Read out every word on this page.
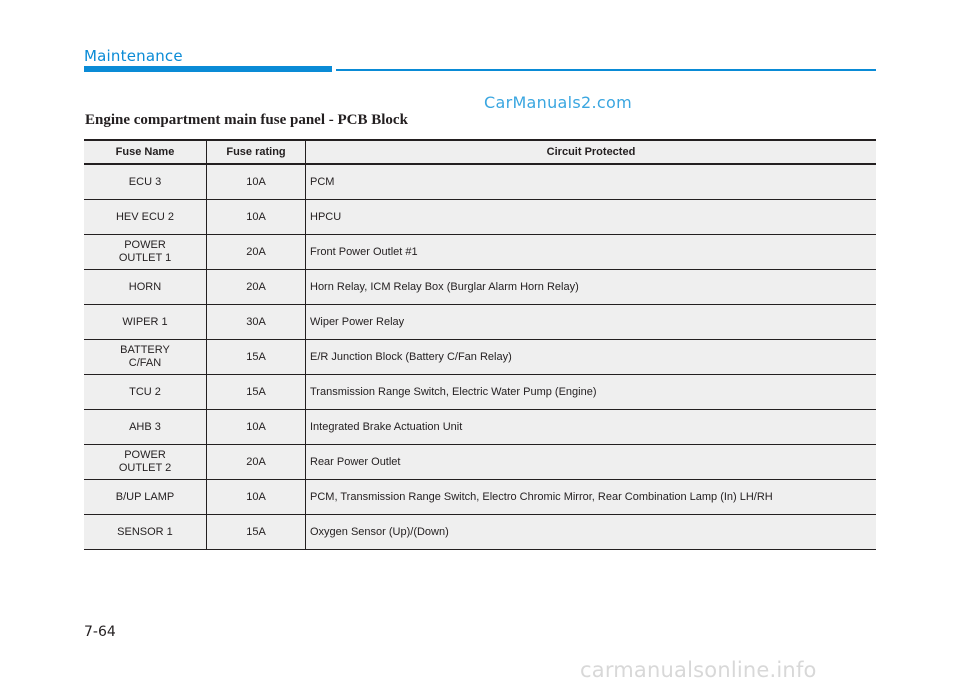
Maintenance
CarManuals2.com
Engine compartment main fuse panel - PCB Block
Fuse Name	Fuse rating	Circuit Protected
ECU 3	10A	PCM
HEV ECU 2	10A	HPCU
POWER
OUTLET 1	20A	Front Power Outlet #1
HORN	20A	Horn Relay, ICM Relay Box (Burglar Alarm Horn Relay)
WIPER 1	30A	Wiper Power Relay
BATTERY
C/FAN	15A	E/R Junction Block (Battery C/Fan Relay)
TCU 2	15A	Transmission Range Switch, Electric Water Pump (Engine)
AHB 3	10A	Integrated Brake Actuation Unit
POWER
OUTLET 2	20A	Rear Power Outlet
B/UP LAMP	10A	PCM, Transmission Range Switch, Electro Chromic Mirror, Rear Combination Lamp (In) LH/RH
SENSOR 1	15A	Oxygen Sensor (Up)/(Down)
7-64
carmanualsonline.info
